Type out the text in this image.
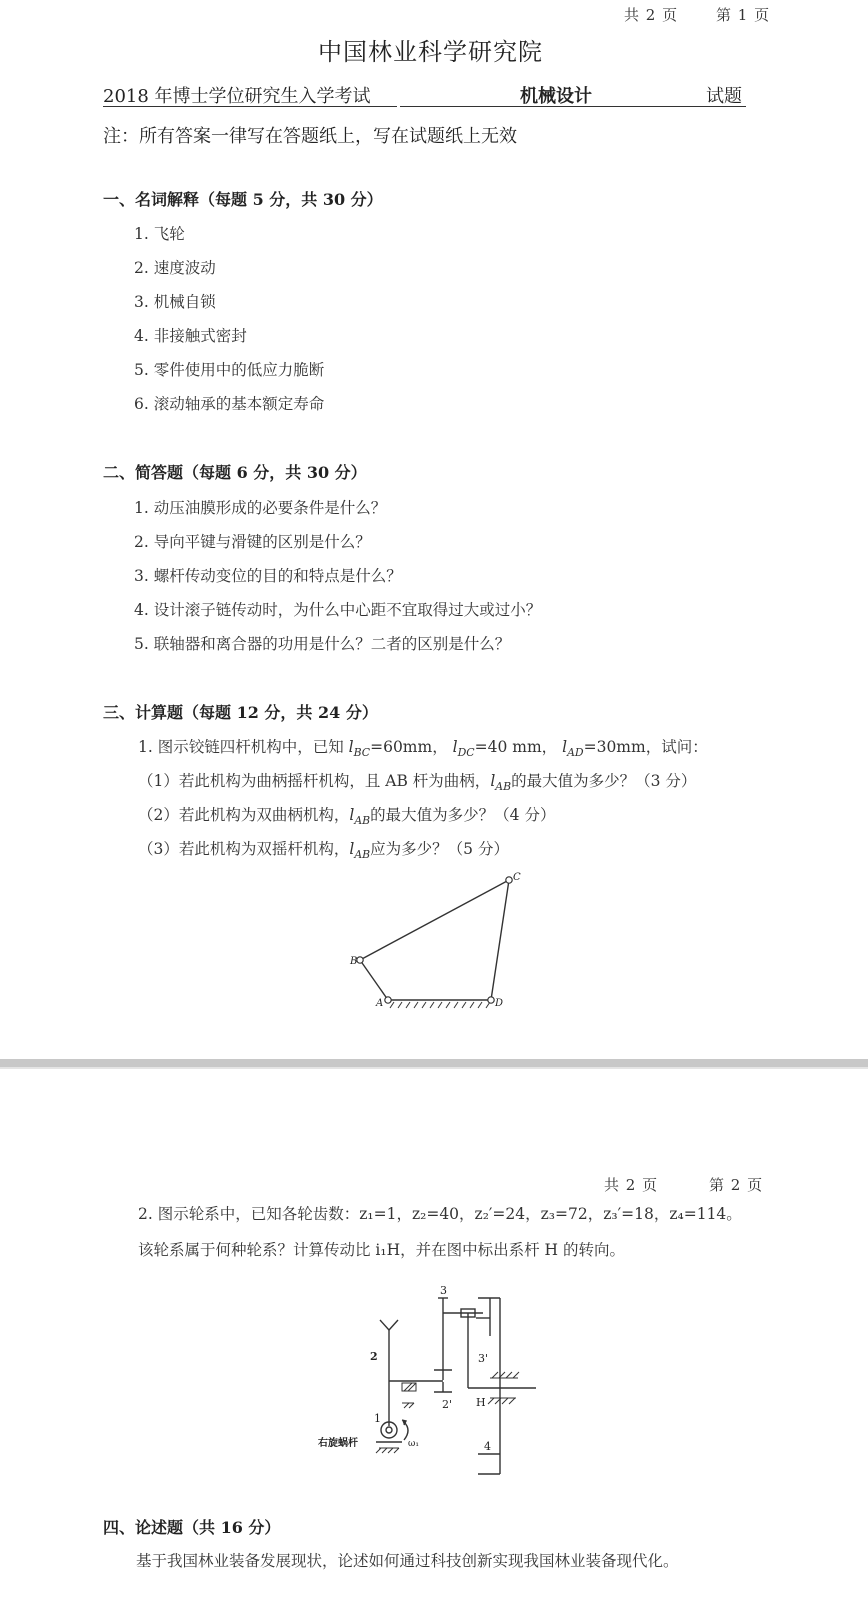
共 2 页	第 1 页
中国林业科学研究院
2018 年博士学位研究生入学考试	机械设计	试题
注：所有答案一律写在答题纸上，写在试题纸上无效
一、名词解释（每题 5 分，共 30 分）
1. 飞轮
2. 速度波动
3. 机械自锁
4. 非接触式密封
5. 零件使用中的低应力脆断
6. 滚动轴承的基本额定寿命
二、简答题（每题 6 分，共 30 分）
1. 动压油膜形成的必要条件是什么？
2. 导向平键与滑键的区别是什么？
3. 螺杆传动变位的目的和特点是什么？
4. 设计滚子链传动时，为什么中心距不宜取得过大或过小？
5. 联轴器和离合器的功用是什么？二者的区别是什么？
三、计算题（每题 12 分，共 24 分）
1. 图示铰链四杆机构中，已知 $l_{BC}=60mm$， $l_{DC}=40$ mm， $l_{AD}=30mm$，试问：
（1）若此机构为曲柄摇杆机构，且 AB 杆为曲柄，$l_{AB}$的最大值为多少？（3 分）
（2）若此机构为双曲柄机构，$l_{AB}$的最大值为多少？（4 分）
（3）若此机构为双摇杆机构，$l_{AB}$应为多少？（5 分）
B
C
A	D
共 2 页	第 2 页
2. 图示轮系中，已知各轮齿数：z₁=1，z₂=40，z₂′=24，z₃=72，z₃′=18，z₄=114。
该轮系属于何种轮系？计算传动比 i₁H，并在图中标出系杆 H 的转向。
3
2	3'
2' H
4
1
右旋蜗杆	ω₁
四、论述题（共 16 分）
基于我国林业装备发展现状，论述如何通过科技创新实现我国林业装备现代化。
